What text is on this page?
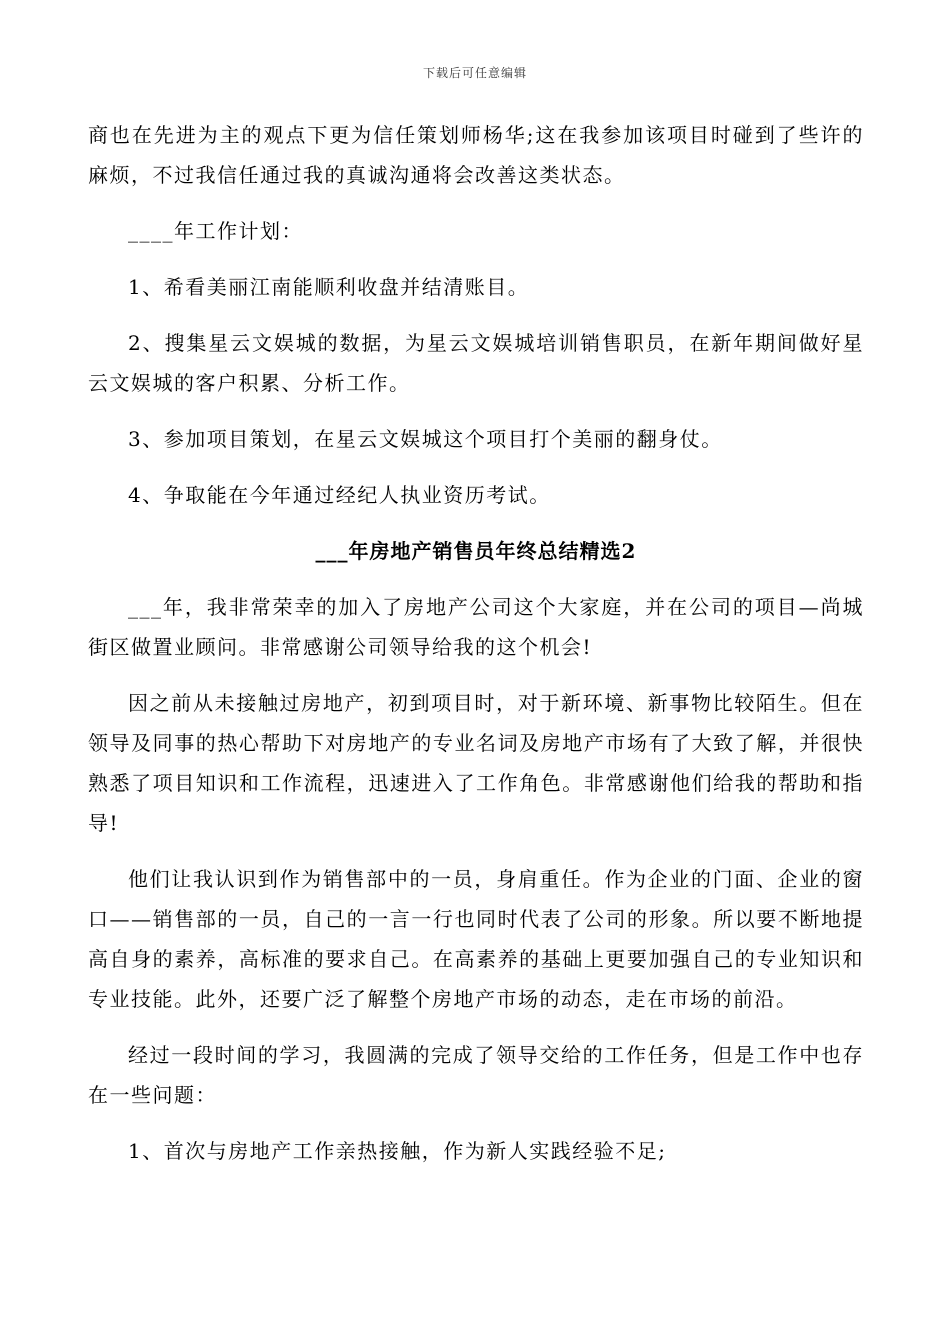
下载后可任意编辑

商也在先进为主的观点下更为信任策划师杨华;这在我参加该项目时碰到了些许的麻烦，不过我信任通过我的真诚沟通将会改善这类状态。

____年工作计划：

1、希看美丽江南能顺利收盘并结清账目。

2、搜集星云文娱城的数据，为星云文娱城培训销售职员，在新年期间做好星云文娱城的客户积累、分析工作。

3、参加项目策划，在星云文娱城这个项目打个美丽的翻身仗。

4、争取能在今年通过经纪人执业资历考试。

___年房地产销售员年终总结精选2

___年，我非常荣幸的加入了房地产公司这个大家庭，并在公司的项目—尚城街区做置业顾问。非常感谢公司领导给我的这个机会!

因之前从未接触过房地产，初到项目时，对于新环境、新事物比较陌生。但在领导及同事的热心帮助下对房地产的专业名词及房地产市场有了大致了解，并很快熟悉了项目知识和工作流程，迅速进入了工作角色。非常感谢他们给我的帮助和指导!

他们让我认识到作为销售部中的一员，身肩重任。作为企业的门面、企业的窗口——销售部的一员，自己的一言一行也同时代表了公司的形象。所以要不断地提高自身的素养，高标准的要求自己。在高素养的基础上更要加强自己的专业知识和专业技能。此外，还要广泛了解整个房地产市场的动态，走在市场的前沿。

经过一段时间的学习，我圆满的完成了领导交给的工作任务，但是工作中也存在一些问题：

1、首次与房地产工作亲热接触，作为新人实践经验不足;
